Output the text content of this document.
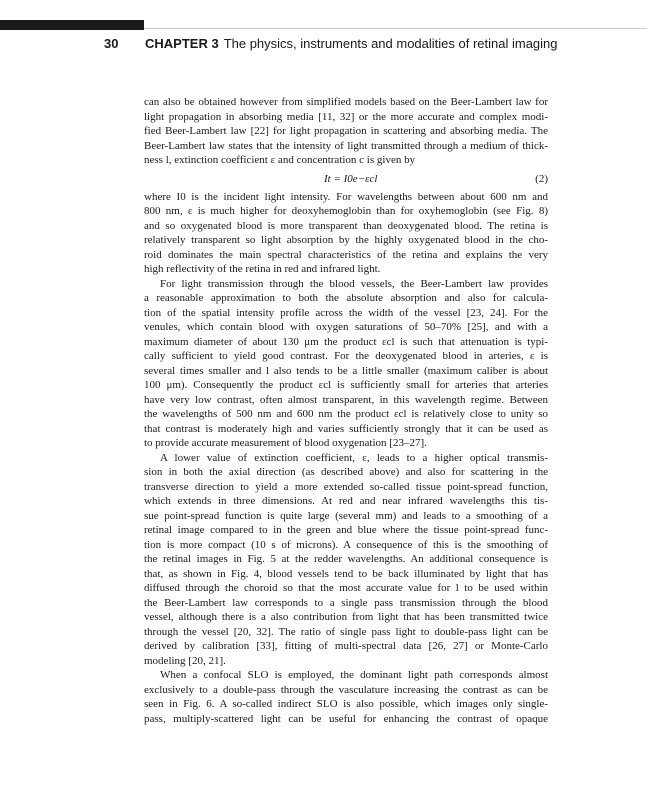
30 CHAPTER 3 The physics, instruments and modalities of retinal imaging
can also be obtained however from simplified models based on the Beer-Lambert law for
light propagation in absorbing media [11, 32] or the more accurate and complex modi-
fied Beer-Lambert law [22] for light propagation in scattering and absorbing media. The
Beer-Lambert law states that the intensity of light transmitted through a medium of thick-
ness l, extinction coefficient ε and concentration c is given by
It = I0e−εcl	(2)
where I0 is the incident light intensity. For wavelengths between about 600 nm and
800 nm, ε is much higher for deoxyhemoglobin than for oxyhemoglobin (see Fig. 8)
and so oxygenated blood is more transparent than deoxygenated blood. The retina is
relatively transparent so light absorption by the highly oxygenated blood in the cho-
roid dominates the main spectral characteristics of the retina and explains the very
high reflectivity of the retina in red and infrared light.
For light transmission through the blood vessels, the Beer-Lambert law provides
a reasonable approximation to both the absolute absorption and also for calcula-
tion of the spatial intensity profile across the width of the vessel [23, 24]. For the
venules, which contain blood with oxygen saturations of 50–70% [25], and with a
maximum diameter of about 130 μm the product εcl is such that attenuation is typi-
cally sufficient to yield good contrast. For the deoxygenated blood in arteries, ε is
several times smaller and l also tends to be a little smaller (maximum caliber is about
100 μm). Consequently the product εcl is sufficiently small for arteries that arteries
have very low contrast, often almost transparent, in this wavelength regime. Between
the wavelengths of 500 nm and 600 nm the product εcl is relatively close to unity so
that contrast is moderately high and varies sufficiently strongly that it can be used as
to provide accurate measurement of blood oxygenation [23–27].
A lower value of extinction coefficient, ε, leads to a higher optical transmis-
sion in both the axial direction (as described above) and also for scattering in the
transverse direction to yield a more extended so-called tissue point-spread function,
which extends in three dimensions. At red and near infrared wavelengths this tis-
sue point-spread function is quite large (several mm) and leads to a smoothing of a
retinal image compared to in the green and blue where the tissue point-spread func-
tion is more compact (10 s of microns). A consequence of this is the smoothing of
the retinal images in Fig. 5 at the redder wavelengths. An additional consequence is
that, as shown in Fig. 4, blood vessels tend to be back illuminated by light that has
diffused through the choroid so that the most accurate value for l to be used within
the Beer-Lambert law corresponds to a single pass transmission through the blood
vessel, although there is a also contribution from light that has been transmitted twice
through the vessel [20, 32]. The ratio of single pass light to double-pass light can be
derived by calibration [33], fitting of multi-spectral data [26, 27] or Monte-Carlo
modeling [20, 21].
When a confocal SLO is employed, the dominant light path corresponds almost
exclusively to a double-pass through the vasculature increasing the contrast as can be
seen in Fig. 6. A so-called indirect SLO is also possible, which images only single-
pass, multiply-scattered light can be useful for enhancing the contrast of opaque
